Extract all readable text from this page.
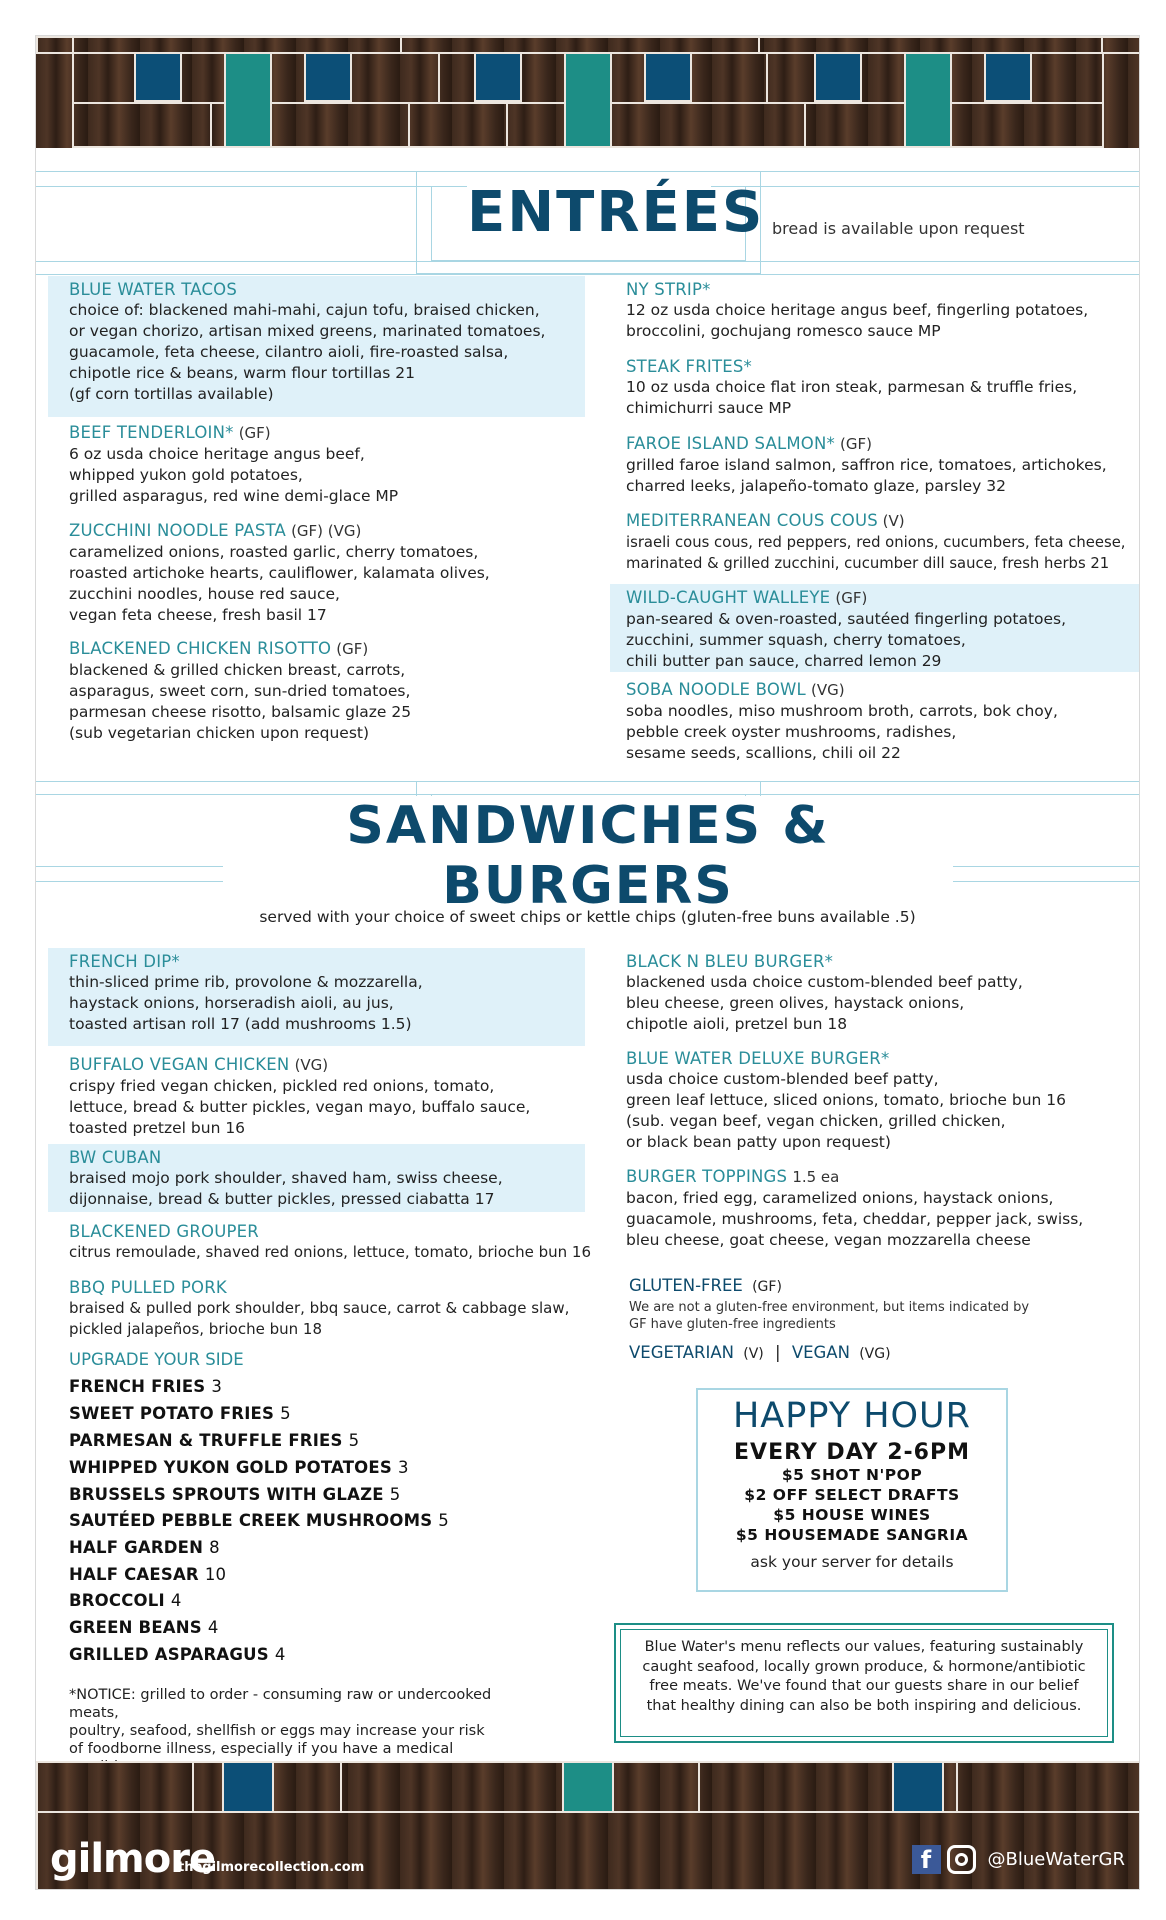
ENTRÉES bread is available upon request
BLUE WATER TACOS
choice of: blackened mahi-mahi, cajun tofu, braised chicken,
or vegan chorizo, artisan mixed greens, marinated tomatoes,
guacamole, feta cheese, cilantro aioli, fire-roasted salsa,
chipotle rice & beans, warm flour tortillas 21
(gf corn tortillas available)
BEEF TENDERLOIN* (GF)
6 oz usda choice heritage angus beef,
whipped yukon gold potatoes,
grilled asparagus, red wine demi-glace MP
ZUCCHINI NOODLE PASTA (GF) (VG)
caramelized onions, roasted garlic, cherry tomatoes,
roasted artichoke hearts, cauliflower, kalamata olives,
zucchini noodles, house red sauce,
vegan feta cheese, fresh basil 17
BLACKENED CHICKEN RISOTTO (GF)
blackened & grilled chicken breast, carrots,
asparagus, sweet corn, sun-dried tomatoes,
parmesan cheese risotto, balsamic glaze 25
(sub vegetarian chicken upon request)
NY STRIP*
12 oz usda choice heritage angus beef, fingerling potatoes,
broccolini, gochujang romesco sauce MP
STEAK FRITES*
10 oz usda choice flat iron steak, parmesan & truffle fries,
chimichurri sauce MP
FAROE ISLAND SALMON* (GF)
grilled faroe island salmon, saffron rice, tomatoes, artichokes,
charred leeks, jalapeño-tomato glaze, parsley 32
MEDITERRANEAN COUS COUS (V)
israeli cous cous, red peppers, red onions, cucumbers, feta cheese,
marinated & grilled zucchini, cucumber dill sauce, fresh herbs 21
WILD-CAUGHT WALLEYE (GF)
pan-seared & oven-roasted, sautéed fingerling potatoes,
zucchini, summer squash, cherry tomatoes,
chili butter pan sauce, charred lemon 29
SOBA NOODLE BOWL (VG)
soba noodles, miso mushroom broth, carrots, bok choy,
pebble creek oyster mushrooms, radishes,
sesame seeds, scallions, chili oil 22
SANDWICHES & BURGERS
served with your choice of sweet chips or kettle chips (gluten-free buns available .5)
FRENCH DIP*
thin-sliced prime rib, provolone & mozzarella,
haystack onions, horseradish aioli, au jus,
toasted artisan roll 17 (add mushrooms 1.5)
BUFFALO VEGAN CHICKEN (VG)
crispy fried vegan chicken, pickled red onions, tomato,
lettuce, bread & butter pickles, vegan mayo, buffalo sauce,
toasted pretzel bun 16
BW CUBAN
braised mojo pork shoulder, shaved ham, swiss cheese,
dijonnaise, bread & butter pickles, pressed ciabatta 17
BLACKENED GROUPER
citrus remoulade, shaved red onions, lettuce, tomato, brioche bun 16
BBQ PULLED PORK
braised & pulled pork shoulder, bbq sauce, carrot & cabbage slaw,
pickled jalapeños, brioche bun 18
BLACK N BLEU BURGER*
blackened usda choice custom-blended beef patty,
bleu cheese, green olives, haystack onions,
chipotle aioli, pretzel bun 18
BLUE WATER DELUXE BURGER*
usda choice custom-blended beef patty,
green leaf lettuce, sliced onions, tomato, brioche bun 16
(sub. vegan beef, vegan chicken, grilled chicken,
or black bean patty upon request)
BURGER TOPPINGS 1.5 ea
bacon, fried egg, caramelized onions, haystack onions,
guacamole, mushrooms, feta, cheddar, pepper jack, swiss,
bleu cheese, goat cheese, vegan mozzarella cheese
UPGRADE YOUR SIDE
FRENCH FRIES 3
SWEET POTATO FRIES 5
PARMESAN & TRUFFLE FRIES 5
WHIPPED YUKON GOLD POTATOES 3
BRUSSELS SPROUTS WITH GLAZE 5
SAUTÉED PEBBLE CREEK MUSHROOMS 5
HALF GARDEN 8
HALF CAESAR 10
BROCCOLI 4
GREEN BEANS 4
GRILLED ASPARAGUS 4
*NOTICE: grilled to order - consuming raw or undercooked meats,
poultry, seafood, shellfish or eggs may increase your risk
of foodborne illness, especially if you have a medical
GLUTEN-FREE (GF)
We are not a gluten-free environment, but items indicated by GF have gluten-free ingredients
VEGETARIAN (V) | VEGAN (VG)
HAPPY HOUR
EVERY DAY 2-6PM
$5 SHOT N'POP
$2 OFF SELECT DRAFTS
$5 HOUSE WINES
$5 HOUSEMADE SANGRIA
ask your server for details
Blue Water's menu reflects our values, featuring sustainably caught seafood, locally grown produce, & hormone/antibiotic free meats. We've found that our guests share in our belief that healthy dining can also be both inspiring and delicious.
gilmore
thegilmorecollection.com	f	@BlueWaterGR
